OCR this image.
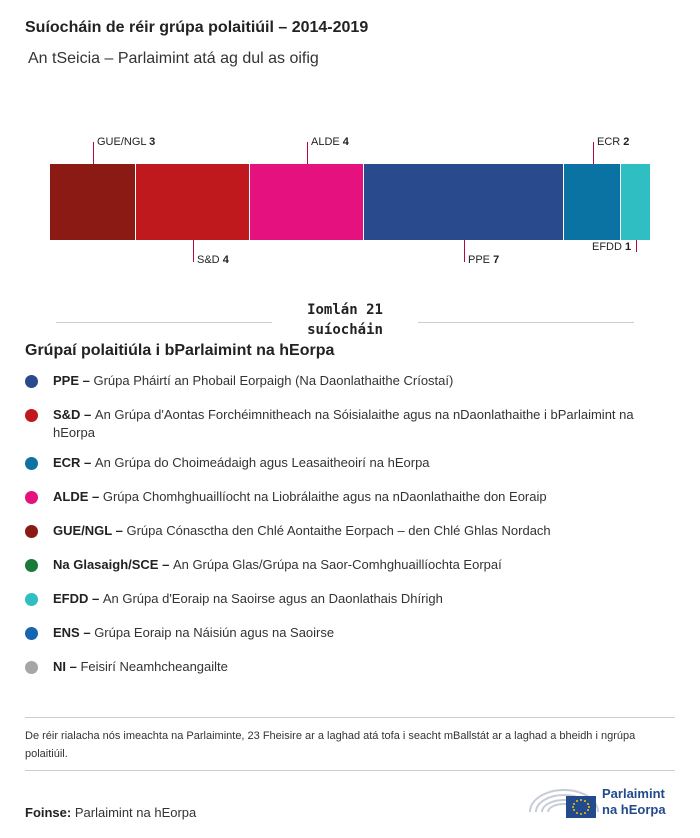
Suíocháin de réir grúpa polaitiúil – 2014-2019
An tSeicia – Parlaimint atá ag dul as oifig
GUE/NGL 3
S&D 4
ALDE 4
PPE 7
ECR 2
EFDD 1
Iomlán 21
suíocháin
Grúpaí polaitiúla i bParlaimint na hEorpa
PPE – Grúpa Pháirtí an Phobail Eorpaigh (Na Daonlathaithe Críostaí)
S&D – An Grúpa d'Aontas Forchéimnitheach na Sóisialaithe agus na nDaonlathaithe i bParlaimint na hEorpa
ECR – An Grúpa do Choimeádaigh agus Leasaitheoirí na hEorpa
ALDE – Grúpa Chomhghuaillíocht na Liobrálaithe agus na nDaonlathaithe don Eoraip
GUE/NGL – Grúpa Cónasctha den Chlé Aontaithe Eorpach – den Chlé Ghlas Nordach
Na Glasaigh/SCE – An Grúpa Glas/Grúpa na Saor-Comhghuaillíochta Eorpaí
EFDD – An Grúpa d'Eoraip na Saoirse agus an Daonlathais Dhírigh
ENS – Grúpa Eoraip na Náisiún agus na Saoirse
NI – Feisirí Neamhcheangailte
De réir rialacha nós imeachta na Parlaiminte, 23 Fheisire ar a laghad atá tofa i seacht mBallstát ar a laghad a bheidh i ngrúpa polaitiúil.
Foinse: Parlaimint na hEorpa
Parlaimint
na hEorpa
